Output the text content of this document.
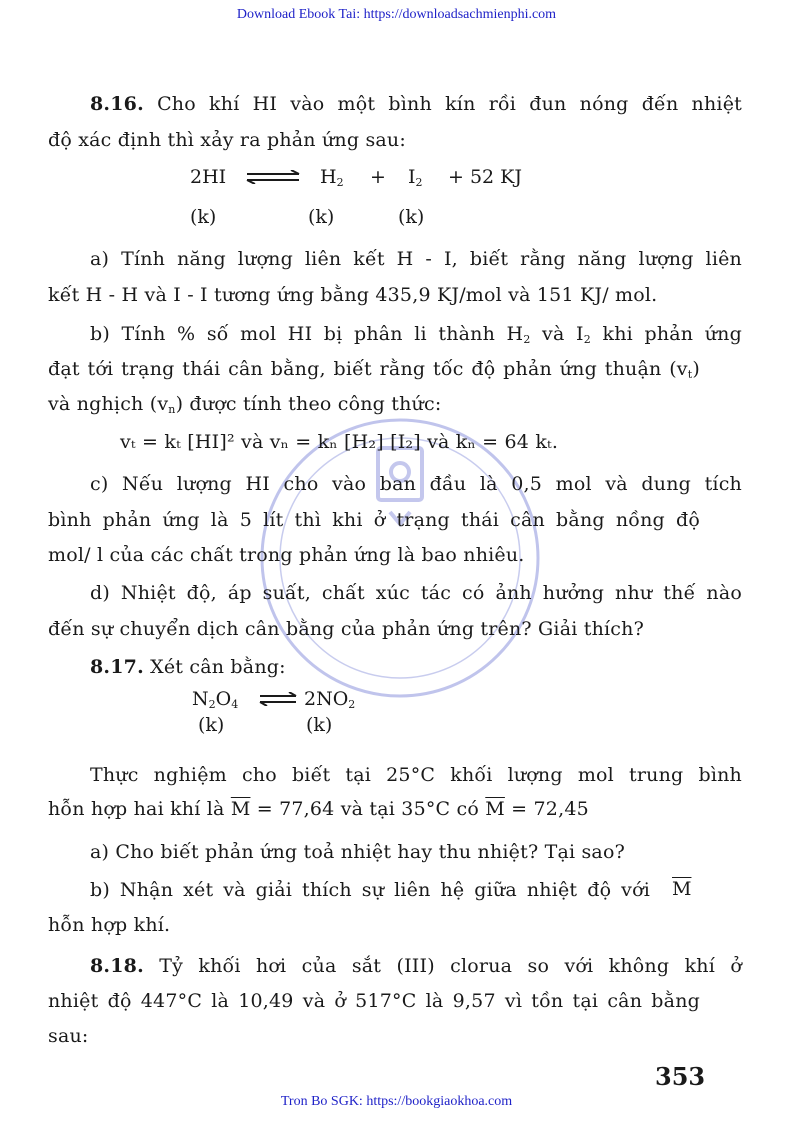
Download Ebook Tai: https://downloadsachmienphi.com
8.16. Cho khí HI vào một bình kín rồi đun nóng đến nhiệt
độ xác định thì xảy ra phản ứng sau:
2HI ⇌ $H_2 + I_2 + 52$ KJ
(k)	(k)	(k)
a) Tính năng lượng liên kết H - I, biết rằng năng lượng liên
kết H - H và I - I tương ứng bằng 435,9 KJ/mol và 151 KJ/ mol.
b) Tính % số mol HI bị phân li thành $H_2$ và $I_2$ khi phản ứng
đạt tới trạng thái cân bằng, biết rằng tốc độ phản ứng thuận $(v_t)$
và nghịch $(v_n)$ được tính theo công thức:
vₜ = kₜ [HI]² và vₙ = kₙ [H₂] [I₂] và kₙ = 64 kₜ.
c) Nếu lượng HI cho vào ban đầu là 0,5 mol và dung tích
bình phản ứng là 5 lít thì khi ở trạng thái cân bằng nồng độ
mol/ l của các chất trong phản ứng là bao nhiêu.
d) Nhiệt độ, áp suất, chất xúc tác có ảnh hưởng như thế nào
đến sự chuyển dịch cân bằng của phản ứng trên? Giải thích?
8.17. Xét cân bằng:
$N_2O_4$ ⇌ $2NO_2$
(k)	(k)
Thực nghiệm cho biết tại 25°C khối lượng mol trung bình
hỗn hợp hai khí là $\overline{M} = 77,64$ và tại 35°C có $\overline{M} = 72,45$
a) Cho biết phản ứng toả nhiệt hay thu nhiệt? Tại sao?
b) Nhận xét và giải thích sự liên hệ giữa nhiệt độ với $\overline{M}$
hỗn hợp khí.
8.18. Tỷ khối hơi của sắt (III) clorua so với không khí ở
nhiệt độ 447°C là 10,49 và ở 517°C là 9,57 vì tồn tại cân bằng
sau:
353
Tron Bo SGK: https://bookgiaokhoa.com
